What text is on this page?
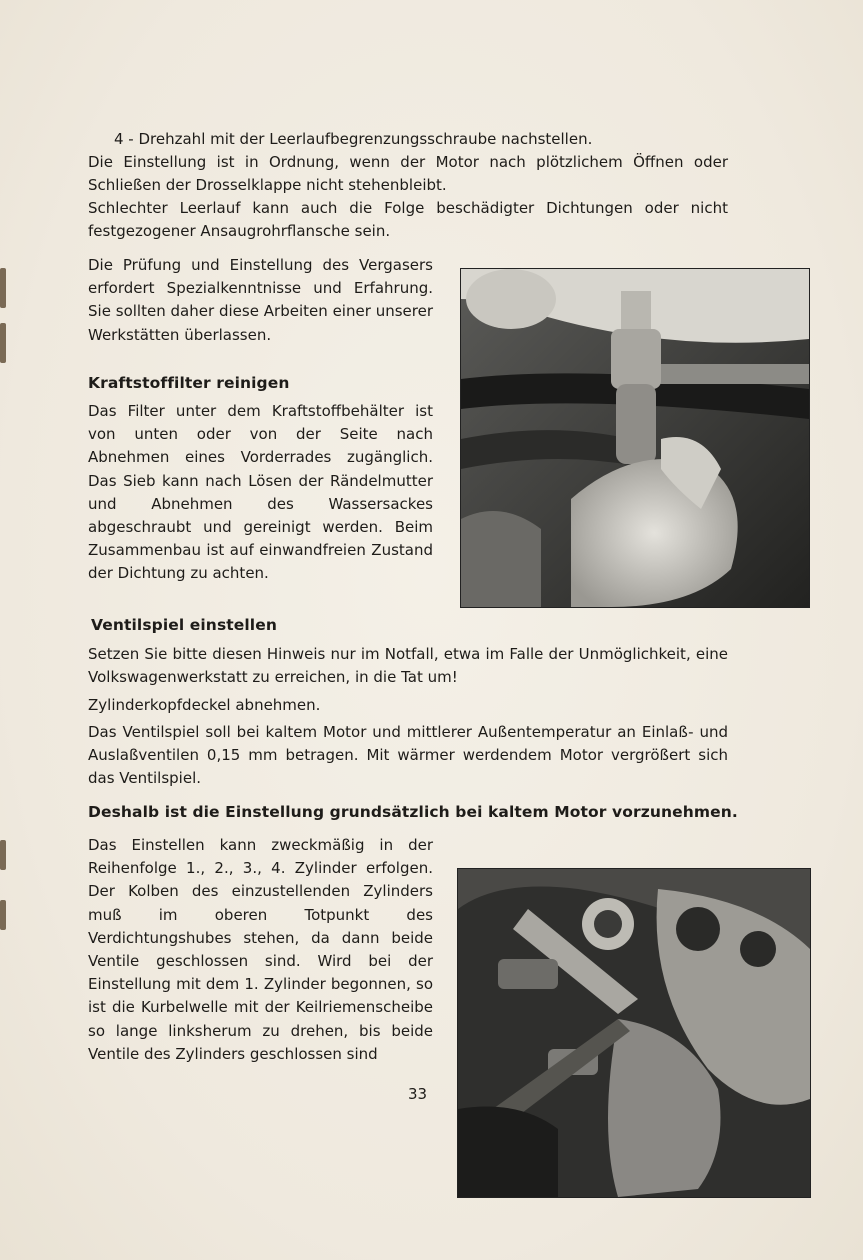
4 - Drehzahl mit der Leerlaufbegrenzungsschraube nachstellen.

Die Einstellung ist in Ordnung, wenn der Motor nach plötzlichem Öffnen oder Schließen der Drosselklappe nicht stehenbleibt.

Schlechter Leerlauf kann auch die Folge beschädigter Dichtungen oder nicht festgezogener Ansaugrohrflansche sein.

Die Prüfung und Einstellung des Vergasers erfordert Spezialkenntnisse und Erfahrung. Sie sollten daher diese Arbeiten einer unserer Werkstätten überlassen.

Kraftstoffilter reinigen

Das Filter unter dem Kraftstoffbehälter ist von unten oder von der Seite nach Abnehmen eines Vorderrades zugänglich. Das Sieb kann nach Lösen der Rändelmutter und Abnehmen des Wassersackes abgeschraubt und gereinigt werden. Beim Zusammenbau ist auf einwandfreien Zustand der Dichtung zu achten.

Ventilspiel einstellen

Setzen Sie bitte diesen Hinweis nur im Notfall, etwa im Falle der Unmöglichkeit, eine Volkswagenwerkstatt zu erreichen, in die Tat um!

Zylinderkopfdeckel abnehmen.

Das Ventilspiel soll bei kaltem Motor und mittlerer Außentemperatur an Einlaß- und Auslaßventilen 0,15 mm betragen. Mit wärmer werdendem Motor vergrößert sich das Ventilspiel.

Deshalb ist die Einstellung grundsätzlich bei kaltem Motor vorzunehmen.

Das Einstellen kann zweckmäßig in der Reihenfolge 1., 2., 3., 4. Zylinder erfolgen. Der Kolben des einzustellenden Zylinders muß im oberen Totpunkt des Verdichtungshubes stehen, da dann beide Ventile geschlossen sind. Wird bei der Einstellung mit dem 1. Zylinder begonnen, so ist die Kurbelwelle mit der Keilriemenscheibe so lange linksherum zu drehen, bis beide Ventile des Zylinders geschlossen sind

33
